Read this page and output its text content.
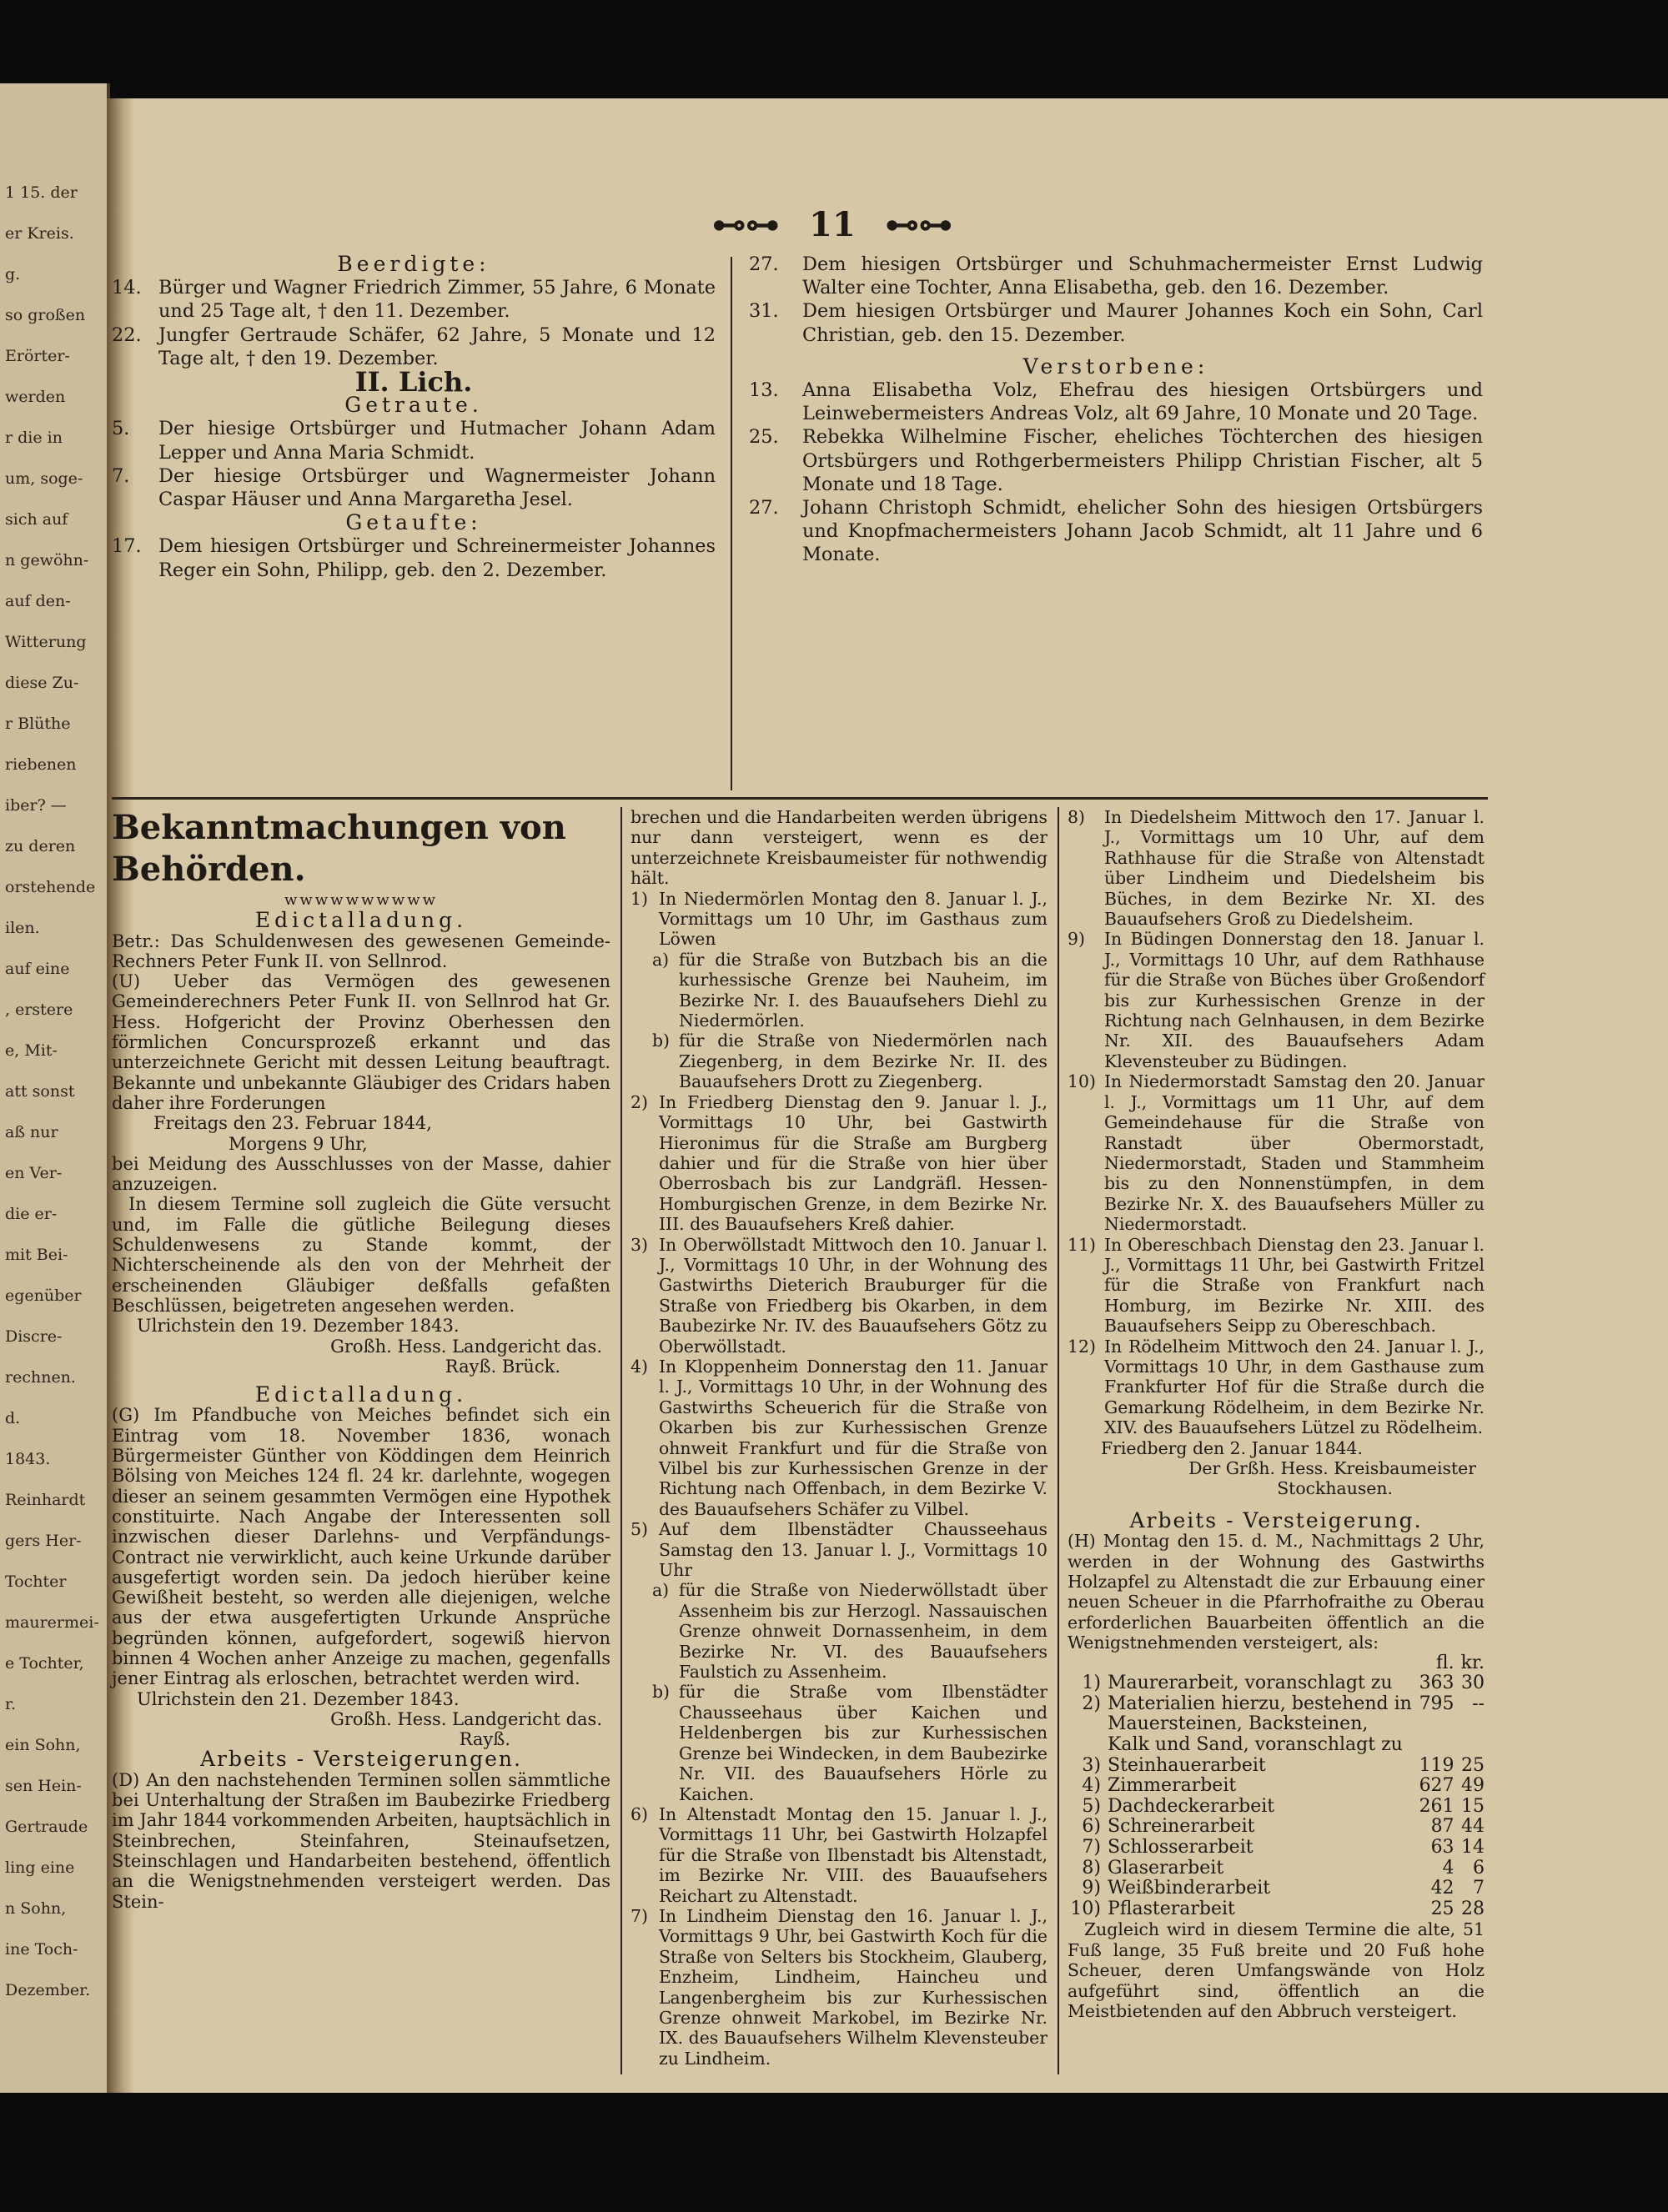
1 15. der
er Kreis.
g.
so großen
Erörter-
werden
r die in
um, soge-
sich auf
n gewöhn-
auf den-
Witterung
diese Zu-
r Blüthe
riebenen
iber? —
zu deren
orstehende
ilen.
auf eine
, erstere
e, Mit-
att sonst
aß nur
en Ver-
die er-
mit Bei-
egenüber
Discre-
rechnen.
d.
1843.
Reinhardt
gers Her-
Tochter
maurermei-
e Tochter,
r.
ein Sohn,
sen Hein-
Gertraude
ling eine
n Sohn,
ine Toch-
Dezember.
⊷⊶ 11 ⊷⊶

Beerdigte:

14. Bürger und Wagner Friedrich Zimmer, 55 Jahre, 6 Monate und 25 Tage alt, † den 11. Dezember.
22. Jungfer Gertraude Schäfer, 62 Jahre, 5 Monate und 12 Tage alt, † den 19. Dezember.

II. Lich.

Getraute.

5.	Der hiesige Ortsbürger und Hutmacher Johann Adam Lepper und Anna Maria Schmidt.
7.	Der hiesige Ortsbürger und Wagnermeister Johann Caspar Häuser und Anna Margaretha Jesel.

Getaufte:

17. Dem hiesigen Ortsbürger und Schreinermeister Johannes Reger ein Sohn, Philipp, geb. den 2. Dezember.
27.	Dem hiesigen Ortsbürger und Schuhmachermeister Ernst Ludwig Walter eine Tochter, Anna Elisabetha, geb. den 16. Dezember.
31.	Dem hiesigen Ortsbürger und Maurer Johannes Koch ein Sohn, Carl Christian, geb. den 15. Dezember.

Verstorbene:

13.	Anna Elisabetha Volz, Ehefrau des hiesigen Ortsbürgers und Leinwebermeisters Andreas Volz, alt 69 Jahre, 10 Monate und 20 Tage.
25.	Rebekka Wilhelmine Fischer, eheliches Töchterchen des hiesigen Ortsbürgers und Rothgerbermeisters Philipp Christian Fischer, alt 5 Monate und 18 Tage.
27.	Johann Christoph Schmidt, ehelicher Sohn des hiesigen Ortsbürgers und Knopfmachermeisters Johann Jacob Schmidt, alt 11 Jahre und 6 Monate.

Bekanntmachungen von Behörden.

wwwwwwwwww

Edictalladung.

Betr.: Das Schuldenwesen des gewesenen Gemeinde-Rechners Peter Funk II. von Sellnrod.

(U) Ueber das Vermögen des gewesenen Gemeinderechners Peter Funk II. von Sellnrod hat Gr. Hess. Hofgericht der Provinz Oberhessen den förmlichen Concursprozeß erkannt und das unterzeichnete Gericht mit dessen Leitung beauftragt. Bekannte und unbekannte Gläubiger des Cridars haben daher ihre Forderungen

Freitags den 23. Februar 1844,

Morgens 9 Uhr,

bei Meidung des Ausschlusses von der Masse, dahier anzuzeigen.

In diesem Termine soll zugleich die Güte versucht und, im Falle die gütliche Beilegung dieses Schuldenwesens zu Stande kommt, der Nichterscheinende als den von der Mehrheit der erscheinenden Gläubiger deßfalls gefaßten Beschlüssen, beigetreten angesehen werden.

Ulrichstein den 19. Dezember 1843.

Großh. Hess. Landgericht das.

Rayß. Brück.

Edictalladung.

(G) Im Pfandbuche von Meiches befindet sich ein Eintrag vom 18. November 1836, wonach Bürgermeister Günther von Köddingen dem Heinrich Bölsing von Meiches 124 fl. 24 kr. darlehnte, wogegen dieser an seinem gesammten Vermögen eine Hypothek constituirte. Nach Angabe der Interessenten soll inzwischen dieser Darlehns- und Verpfändungs-Contract nie verwirklicht, auch keine Urkunde darüber ausgefertigt worden sein. Da jedoch hierüber keine Gewißheit besteht, so werden alle diejenigen, welche aus der etwa ausgefertigten Urkunde Ansprüche begründen können, aufgefordert, sogewiß hiervon binnen 4 Wochen anher Anzeige zu machen, gegenfalls jener Eintrag als erloschen, betrachtet werden wird.

Ulrichstein den 21. Dezember 1843.

Großh. Hess. Landgericht das.

Rayß.

Arbeits - Versteigerungen.

(D) An den nachstehenden Terminen sollen sämmtliche bei Unterhaltung der Straßen im Baubezirke Friedberg im Jahr 1844 vorkommenden Arbeiten, hauptsächlich in Steinbrechen, Steinfahren, Steinaufsetzen, Steinschlagen und Handarbeiten bestehend, öffentlich an die Wenigstnehmenden versteigert werden. Das Stein-

brechen und die Handarbeiten werden übrigens nur dann versteigert, wenn es der unterzeichnete Kreisbaumeister für nothwendig hält.

1) In Niedermörlen Montag den 8. Januar l. J., Vormittags um 10 Uhr, im Gasthaus zum Löwen
a) für die Straße von Butzbach bis an die kurhessische Grenze bei Nauheim, im Bezirke Nr. I. des Bauaufsehers Diehl zu Niedermörlen.
b) für die Straße von Niedermörlen nach Ziegenberg, in dem Bezirke Nr. II. des Bauaufsehers Drott zu Ziegenberg.
2) In Friedberg Dienstag den 9. Januar l. J., Vormittags 10 Uhr, bei Gastwirth Hieronimus für die Straße am Burgberg dahier und für die Straße von hier über Oberrosbach bis zur Landgräfl. Hessen-Homburgischen Grenze, in dem Bezirke Nr. III. des Bauaufsehers Kreß dahier.
3) In Oberwöllstadt Mittwoch den 10. Januar l. J., Vormittags 10 Uhr, in der Wohnung des Gastwirths Dieterich Brauburger für die Straße von Friedberg bis Okarben, in dem Baubezirke Nr. IV. des Bauaufsehers Götz zu Oberwöllstadt.
4) In Kloppenheim Donnerstag den 11. Januar l. J., Vormittags 10 Uhr, in der Wohnung des Gastwirths Scheuerich für die Straße von Okarben bis zur Kurhessischen Grenze ohnweit Frankfurt und für die Straße von Vilbel bis zur Kurhessischen Grenze in der Richtung nach Offenbach, in dem Bezirke V. des Bauaufsehers Schäfer zu Vilbel.
5) Auf dem Ilbenstädter Chausseehaus Samstag den 13. Januar l. J., Vormittags 10 Uhr
a) für die Straße von Niederwöllstadt über Assenheim bis zur Herzogl. Nassauischen Grenze ohnweit Dornassenheim, in dem Bezirke Nr. VI. des Bauaufsehers Faulstich zu Assenheim.
b) für die Straße vom Ilbenstädter Chausseehaus über Kaichen und Heldenbergen bis zur Kurhessischen Grenze bei Windecken, in dem Baubezirke Nr. VII. des Bauaufsehers Hörle zu Kaichen.
6) In Altenstadt Montag den 15. Januar l. J., Vormittags 11 Uhr, bei Gastwirth Holzapfel für die Straße von Ilbenstadt bis Altenstadt, im Bezirke Nr. VIII. des Bauaufsehers Reichart zu Altenstadt.
7) In Lindheim Dienstag den 16. Januar l. J., Vormittags 9 Uhr, bei Gastwirth Koch für die Straße von Selters bis Stockheim, Glauberg, Enzheim, Lindheim, Haincheu und Langenbergheim bis zur Kurhessischen Grenze ohnweit Markobel, im Bezirke Nr. IX. des Bauaufsehers Wilhelm Klevensteuber zu Lindheim.
8)	In Diedelsheim Mittwoch den 17. Januar l. J., Vormittags um 10 Uhr, auf dem Rathhause für die Straße von Altenstadt über Lindheim und Diedelsheim bis Büches, in dem Bezirke Nr. XI. des Bauaufsehers Groß zu Diedelsheim.
9)	In Büdingen Donnerstag den 18. Januar l. J., Vormittags 10 Uhr, auf dem Rathhause für die Straße von Büches über Großendorf bis zur Kurhessischen Grenze in der Richtung nach Gelnhausen, in dem Bezirke Nr. XII. des Bauaufsehers Adam Klevensteuber zu Büdingen.
10) In Niedermorstadt Samstag den 20. Januar l. J., Vormittags um 11 Uhr, auf dem Gemeindehause für die Straße von Ranstadt über Obermorstadt, Niedermorstadt, Staden und Stammheim bis zu den Nonnenstümpfen, in dem Bezirke Nr. X. des Bauaufsehers Müller zu Niedermorstadt.
11) In Obereschbach Dienstag den 23. Januar l. J., Vormittags 11 Uhr, bei Gastwirth Fritzel für die Straße von Frankfurt nach Homburg, im Bezirke Nr. XIII. des Bauaufsehers Seipp zu Obereschbach.
12) In Rödelheim Mittwoch den 24. Januar l. J., Vormittags 10 Uhr, in dem Gasthause zum Frankfurter Hof für die Straße durch die Gemarkung Rödelheim, in dem Bezirke Nr. XIV. des Bauaufsehers Lützel zu Rödelheim.

Friedberg den 2. Januar 1844.

Der Grßh. Hess. Kreisbaumeister

Stockhausen.

Arbeits - Versteigerung.

(H) Montag den 15. d. M., Nachmittags 2 Uhr, werden in der Wohnung des Gastwirths Holzapfel zu Altenstadt die zur Erbauung einer neuen Scheuer in die Pfarrhofraithe zu Oberau erforderlichen Bauarbeiten öffentlich an die Wenigstnehmenden versteigert, als:

		fl.	kr.
1)	Maurerarbeit, voranschlagt zu	363	30
2)	Materialien hierzu, bestehend in Mauersteinen, Backsteinen, Kalk und Sand, voranschlagt zu	795	--
3)	Steinhauerarbeit	119	25
4)	Zimmerarbeit	627	49
5)	Dachdeckerarbeit	261	15
6)	Schreinerarbeit	87	44
7)	Schlosserarbeit	63	14
8)	Glaserarbeit	4	6
9)	Weißbinderarbeit	42	7
10)	Pflasterarbeit	25	28

Zugleich wird in diesem Termine die alte, 51 Fuß lange, 35 Fuß breite und 20 Fuß hohe Scheuer, deren Umfangswände von Holz aufgeführt sind, öffentlich an die Meistbietenden auf den Abbruch versteigert.
